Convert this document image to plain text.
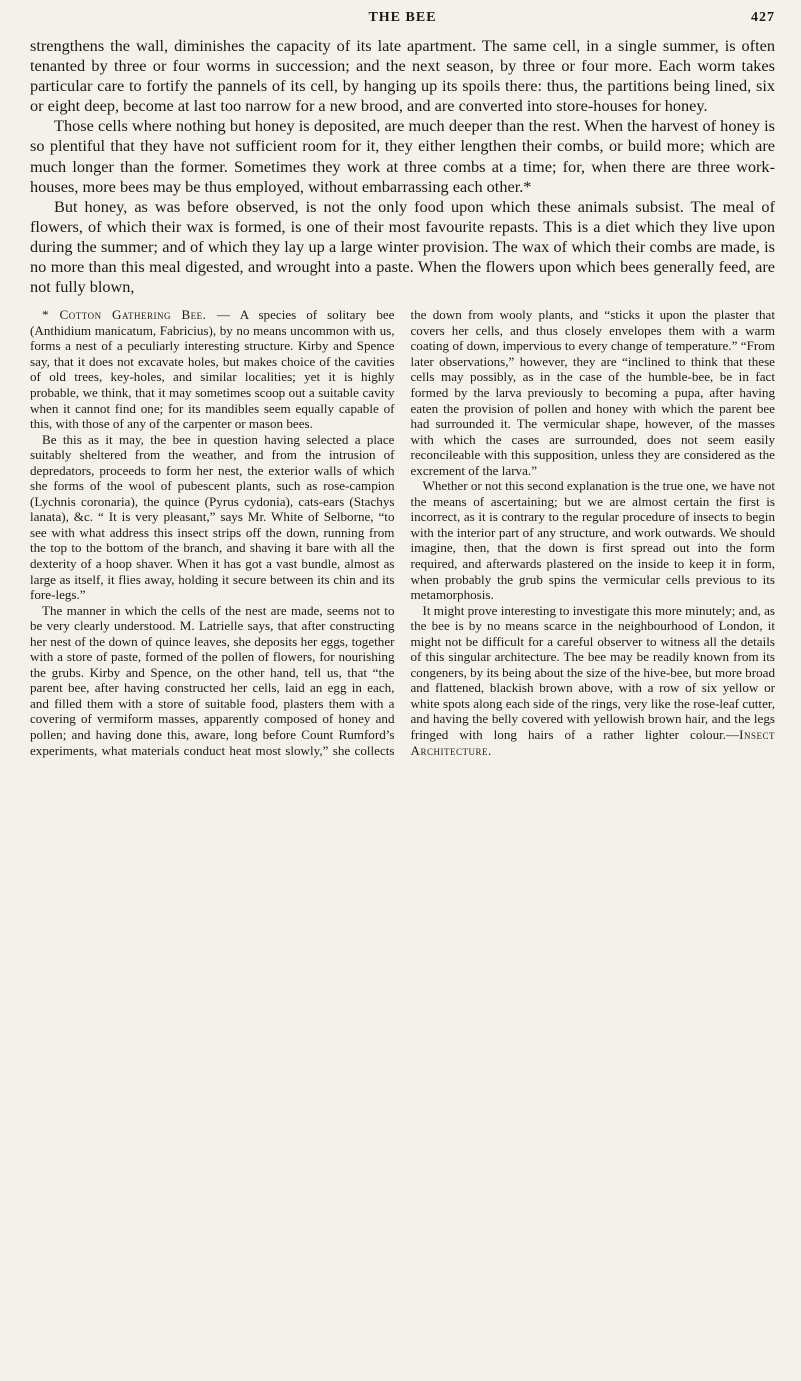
THE BEE	427

strengthens the wall, diminishes the capacity of its late apartment. The same cell, in a single summer, is often tenanted by three or four worms in succession; and the next season, by three or four more. Each worm takes particular care to fortify the pannels of its cell, by hanging up its spoils there: thus, the partitions being lined, six or eight deep, become at last too narrow for a new brood, and are converted into store-houses for honey.

Those cells where nothing but honey is deposited, are much deeper than the rest. When the harvest of honey is so plentiful that they have not sufficient room for it, they either lengthen their combs, or build more; which are much longer than the former. Sometimes they work at three combs at a time; for, when there are three work-houses, more bees may be thus employed, without embarrassing each other.*

But honey, as was before observed, is not the only food upon which these animals subsist. The meal of flowers, of which their wax is formed, is one of their most favourite repasts. This is a diet which they live upon during the summer; and of which they lay up a large winter provision. The wax of which their combs are made, is no more than this meal digested, and wrought into a paste. When the flowers upon which bees generally feed, are not fully blown,

* Cotton Gathering Bee. — A species of solitary bee (Anthidium manicatum, Fabricius), by no means uncommon with us, forms a nest of a peculiarly interesting structure. Kirby and Spence say, that it does not excavate holes, but makes choice of the cavities of old trees, key-holes, and similar localities; yet it is highly probable, we think, that it may sometimes scoop out a suitable cavity when it cannot find one; for its mandibles seem equally capable of this, with those of any of the carpenter or mason bees.

Be this as it may, the bee in question having selected a place suitably sheltered from the weather, and from the intrusion of depredators, proceeds to form her nest, the exterior walls of which she forms of the wool of pubescent plants, such as rose-campion (Lychnis coronaria), the quince (Pyrus cydonia), cats-ears (Stachys lanata), &c. “ It is very pleasant,” says Mr. White of Selborne, “to see with what address this insect strips off the down, running from the top to the bottom of the branch, and shaving it bare with all the dexterity of a hoop shaver. When it has got a vast bundle, almost as large as itself, it flies away, holding it secure between its chin and its fore-legs.”

The manner in which the cells of the nest are made, seems not to be very clearly understood. M. Latrielle says, that after constructing her nest of the down of quince leaves, she deposits her eggs, together with a store of paste, formed of the pollen of flowers, for nourishing the grubs. Kirby and Spence, on the other hand, tell us, that “the parent bee, after having constructed her cells, laid an egg in each, and filled them with a store of suitable food, plasters them with a covering of vermiform masses, apparently composed of honey and pollen; and having done this, aware, long before Count Rumford’s experiments, what materials conduct heat most slowly,” she collects the down from wooly plants, and “sticks it upon the plaster that covers her cells, and thus closely envelopes them with a warm coating of down, impervious to every change of temperature.” “From later observations,” however, they are “inclined to think that these cells may possibly, as in the case of the humble-bee, be in fact formed by the larva previously to becoming a pupa, after having eaten the provision of pollen and honey with which the parent bee had surrounded it. The vermicular shape, however, of the masses with which the cases are surrounded, does not seem easily reconcileable with this supposition, unless they are considered as the excrement of the larva.”

Whether or not this second explanation is the true one, we have not the means of ascertaining; but we are almost certain the first is incorrect, as it is contrary to the regular procedure of insects to begin with the interior part of any structure, and work outwards. We should imagine, then, that the down is first spread out into the form required, and afterwards plastered on the inside to keep it in form, when probably the grub spins the vermicular cells previous to its metamorphosis.

It might prove interesting to investigate this more minutely; and, as the bee is by no means scarce in the neighbourhood of London, it might not be difficult for a careful observer to witness all the details of this singular architecture. The bee may be readily known from its congeners, by its being about the size of the hive-bee, but more broad and flattened, blackish brown above, with a row of six yellow or white spots along each side of the rings, very like the rose-leaf cutter, and having the belly covered with yellowish brown hair, and the legs fringed with long hairs of a rather lighter colour.—Insect Architecture.
